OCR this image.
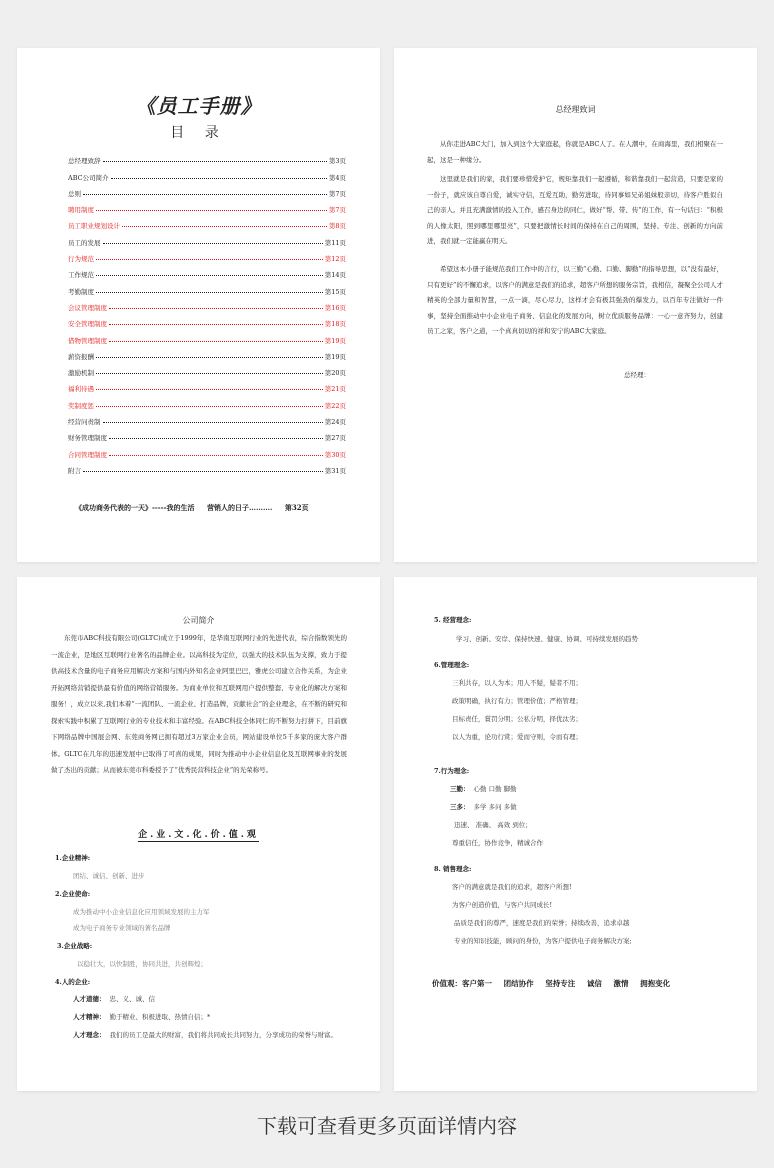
《员工手册》
目 录
总经理致辞	第3页
ABC公司简介	第4页
总则	第7页
聘用制度	第7页
员工职业规划设计	第8页
员工的发展	第11页
行为规范	第12页
工作规范	第14页
考勤制度	第15页
会议管理制度	第16页
安全管理制度	第18页
借物管理制度	第19页
薪资报酬	第19页
激励机制	第20页
福利待遇	第21页
奖制度惩	第22页
经营问责制	第24页
财务管理制度	第27页
合同管理制度	第30页
附言	第31页
《成功商务代表的一天》-----我的生活 营销人的日子………. 第32页
总经理致词
从你走进ABC大门，加入到这个大家庭起，你就是ABC人了。在人潮中，在商海里，我们相聚在一起，这是一种缘分。
这里就是我们的家，我们要珍惜爱护它，规矩靠我们一起遵循，和谐靠我们一起营造，只要是家的一份子，就应该自尊自爱，诚实守信，互爱互助，勤劳进取，待同事如兄弟姐妹般亲切，待客户胜似自己的亲人。并且充满激情的投入工作，感召身边的同仁，做好“帮、带、传”的工作，有一句话曰：“积极的人像太阳，照到哪里哪里亮”，只要把激情长时间的保持在自己的周围，坚持、专注、创新的方向前进，我们就一定能赢在明天。
希望这本小册子能规范我们工作中的言行，以三勤“心勤、口勤、脚勤”的指导思想，以“没有最好，只有更好”的不懈追求，以客户的满意是我们的追求，超客户所想的服务宗旨，我相信，凝聚全公司人才精英的全部力量和智慧，一点一滴，尽心尽力，这样才会有极其强劲的爆发力，以百年专注做好一件事，坚持全面推动中小企业电子商务、信息化的发展方向，树立优质服务品牌：一心一意齐努力，创建员工之家，客户之道，一个真真切切的祥和安宁的ABC大家庭。
总经理：
公司简介
东莞市ABC科技有限公司(GLTC)成立于1999年，是华南互联网行业的先进代表，综合指数领先的一流企业，是地区互联网行业著名的品牌企业。以高科技为定位，以强大的技术队伍为支撑，致力于提供高技术含量的电子商务应用解决方案和与国内外知名企业阿里巴巴，雅虎公司建立合作关系，为企业开拓网络营销提供最有价值的网络营销服务。为商业单位和互联网用户提供整套、专业化的解决方案和服务！，成立以来,我们本着“一流团队、一流企业、打造品牌，贡献社会”的企业理念，在不断的研究和探索实践中积累了互联网行业的专业技术和丰富经验。在ABC科技全体同仁的不断努力打拼下，目前旗下网络品牌中国展会网、东莞商务网已拥有超过3万家企业会员，网站建设单位5千多家的庞大客户群体。GLTC在几年的迅速发展中已取得了可喜的成果，同时为推动中小企业信息化及互联网事业的发展做了杰出的贡献；从而被东莞市科委授予了“优秀民营科技企业”的光荣称号。
企.业.文.化.价.值.观
1.企业精神:
团结、诚信、创新、进步
2.企业使命:
成为推动中小企业信息化应用领域发展的主力军
成为电子商务专业领域的著名品牌
3.企业战略:
以稳壮大，以快制胜，协同共进，共创辉煌；
4.人的企业:
人才道德： 忠、义、诚、信
人才精神： 勤于精业、积极进取、热情自信；*
人才理念： 我们的员工是最大的财富，我们将共同成长共同努力，分享成功的荣誉与财富。
5. 经营理念:
学习、创新、安岸、保持快速、健康、协调、可持续发展的趋势
6.管理理念:
三利共存，以人为本；用人不疑，疑者不用；
政策明确，执行有力；管理价值；严格管理；
目标责任，賞罚分明；公私分明，择优汰劣；
以人为重，论功行赏；爱而守则，令而有理；
7.行为理念:
三勤： 心勤 口勤 脚勤
三多： 多学 多问 多做
迅速、 准确、 高效 到位；
尊重信任，协作竞争，精诚合作
8. 销售理念:
客户的满意就是我们的追求，超客户所想!
为客户创造价值，与客户共同成长!
品质是我们的尊严，速度是我们的荣誉；持续改善，追求卓越
专业的知识技能，顾问的身份，为客户提供电子商务解决方案;
价值观：客户第一 团结协作 坚持专注 诚信 激情 拥抱变化
下载可查看更多页面详情内容
